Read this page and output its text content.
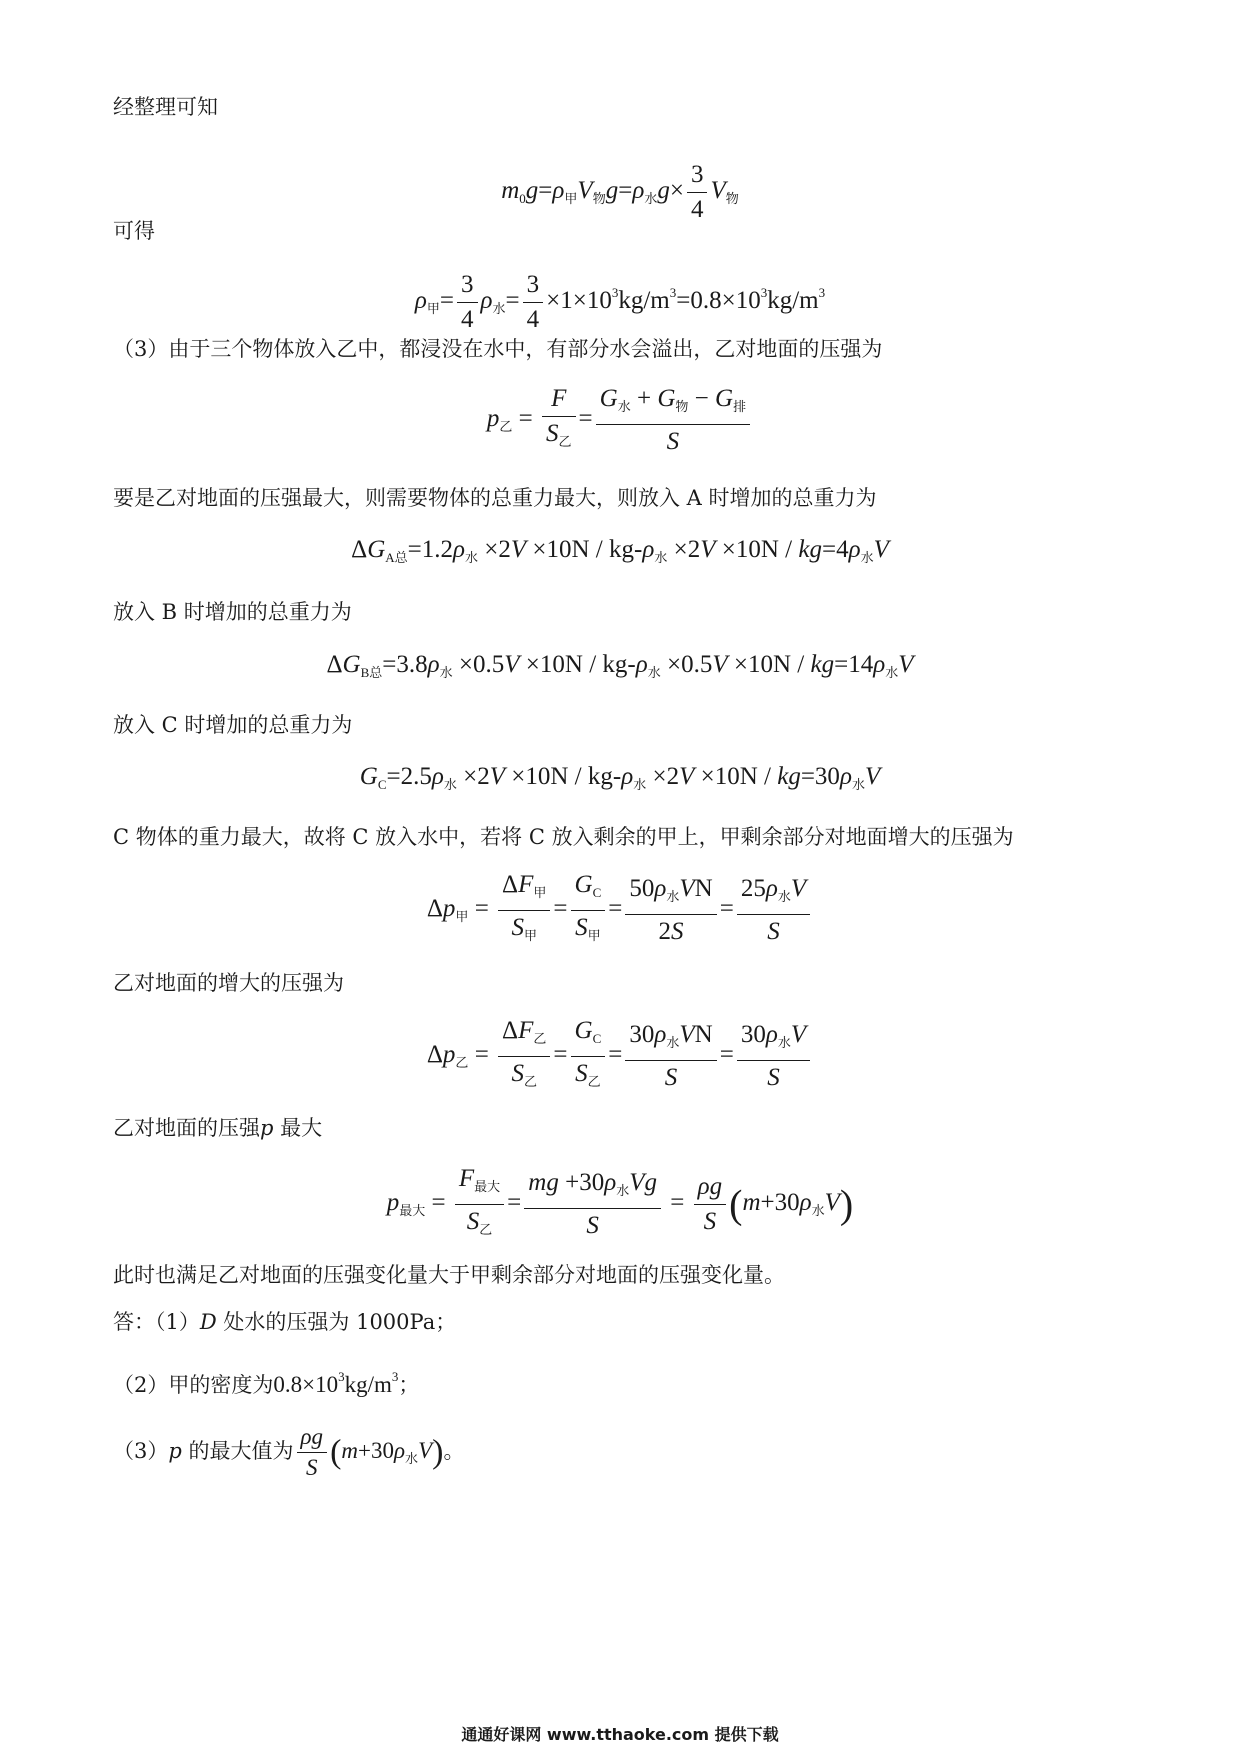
经整理可知

$m_0g=\rho_甲V_物g=\rho_水g\times \frac{3}{4} V_物$

可得

$\rho_甲= \frac{3}{4} \rho_水= \frac{3}{4} \times 1\times 10^3kg/m^3=0.8\times 10^3kg/m^3$

（3）由于三个物体放入乙中，都浸没在水中，有部分水会溢出，乙对地面的压强为

$p_乙 = \frac{F}{S_乙} = \frac{G_水 + G_物 - G_排}{S}$

要是乙对地面的压强最大，则需要物体的总重力最大，则放入 A 时增加的总重力为

$\Delta G_{A总}=1.2\rho_水 \times 2V \times 10N / kg-\rho_水 \times 2V \times 10N / kg=4\rho_水V$

放入 B 时增加的总重力为

$\Delta G_{B总}=3.8\rho_水 \times 0.5V \times 10N / kg-\rho_水 \times 0.5V \times 10N / kg=14\rho_水V$

放入 C 时增加的总重力为

$G_C=2.5\rho_水 \times 2V \times 10N / kg-\rho_水 \times 2V \times 10N / kg=30\rho_水V$

C 物体的重力最大，故将 C 放入水中，若将 C 放入剩余的甲上，甲剩余部分对地面增大的压强为

$\Delta p_甲 = \frac{\Delta F_甲}{S_甲} = \frac{G_C}{S_甲} = \frac{50\rho_水VN}{2S} = \frac{25\rho_水V}{S}$

乙对地面的增大的压强为

$\Delta p_乙 = \frac{\Delta F_乙}{S_乙} = \frac{G_C}{S_乙} = \frac{30\rho_水VN}{S} = \frac{30\rho_水V}{S}$

乙对地面的压强p 最大

$p_{最大} = \frac{F_{最大}}{S_乙} = \frac{mg +30\rho_水Vg}{S} = \frac{\rho g}{S} (m+30\rho_水V)$

此时也满足乙对地面的压强变化量大于甲剩余部分对地面的压强变化量。

答：（1）D 处水的压强为 1000Pa；

（2）甲的密度为$0.8\times 10^3kg/m^3$；

（3）p 的最大值为 $\frac{\rho g}{S} (m+30\rho_水V)$。

通通好课网 www.tthaoke.com 提供下载
